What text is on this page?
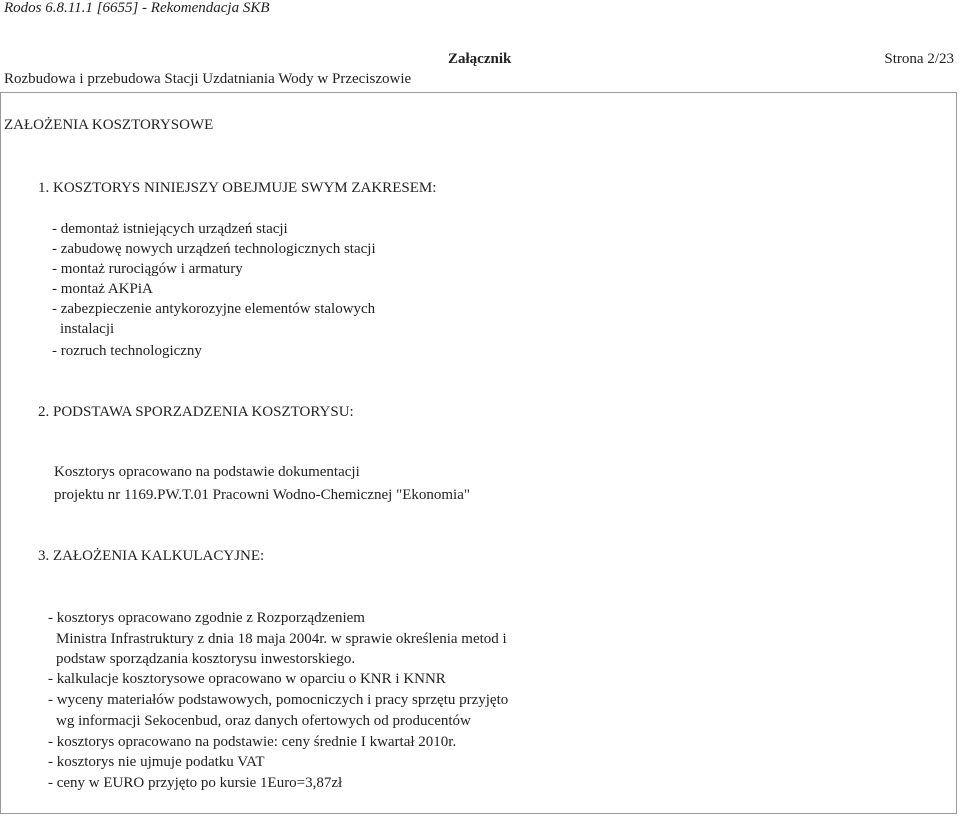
Rodos 6.8.11.1 [6655] - Rekomendacja SKB
Załącznik	Strona 2/23
Rozbudowa i przebudowa Stacji Uzdatniania Wody w Przeciszowie
ZAŁOŻENIA KOSZTORYSOWE
1. KOSZTORYS NINIEJSZY OBEJMUJE SWYM ZAKRESEM:
- demontaż istniejących urządzeń stacji
- zabudowę nowych urządzeń technologicznych stacji
- montaż rurociągów i armatury
- montaż AKPiA
- zabezpieczenie antykorozyjne elementów stalowych
instalacji
- rozruch technologiczny
2. PODSTAWA SPORZADZENIA KOSZTORYSU:
Kosztorys opracowano na podstawie dokumentacji
projektu nr 1169.PW.T.01 Pracowni Wodno-Chemicznej "Ekonomia"
3. ZAŁOŻENIA KALKULACYJNE:
- kosztorys opracowano zgodnie z Rozporządzeniem
Ministra Infrastruktury z dnia 18 maja 2004r. w sprawie określenia metod i
podstaw sporządzania kosztorysu inwestorskiego.
- kalkulacje kosztorysowe opracowano w oparciu o KNR i KNNR
- wyceny materiałów podstawowych, pomocniczych i pracy sprzętu przyjęto
wg informacji Sekocenbud, oraz danych ofertowych od producentów
- kosztorys opracowano na podstawie: ceny średnie I kwartał 2010r.
- kosztorys nie ujmuje podatku VAT
- ceny w EURO przyjęto po kursie 1Euro=3,87zł
